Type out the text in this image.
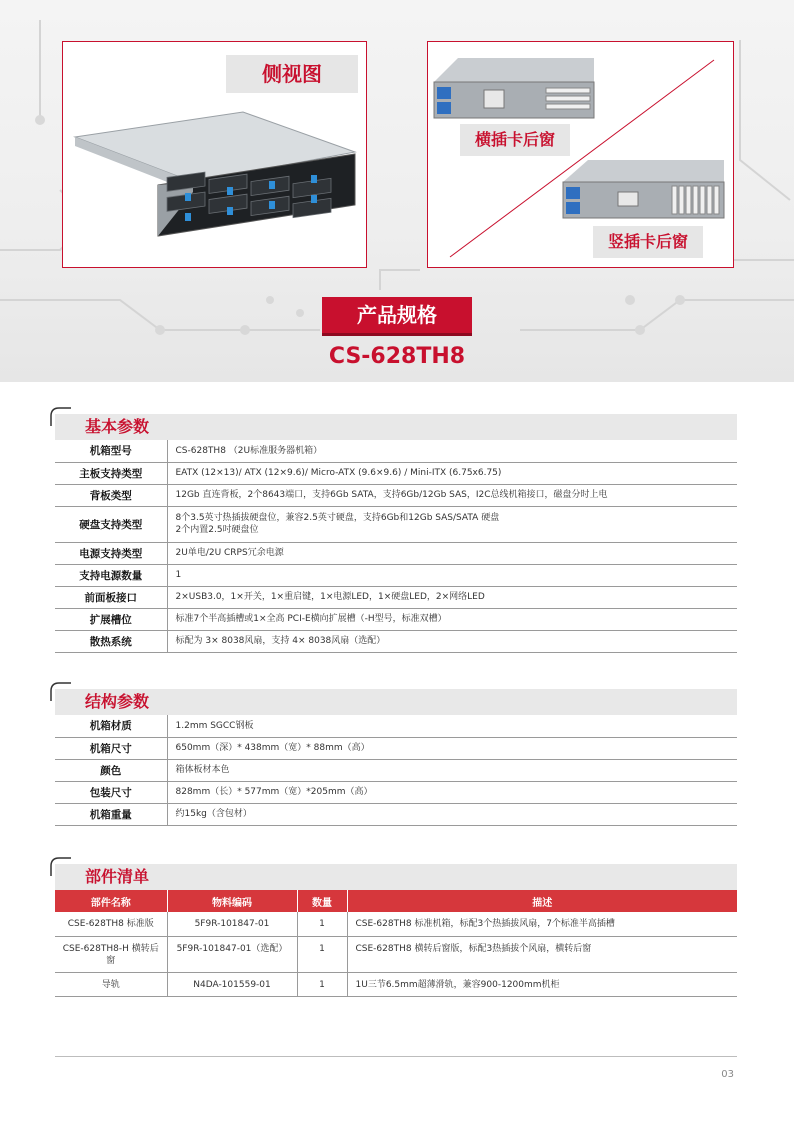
侧视图
横插卡后窗
竖插卡后窗
产品规格
CS-628TH8
基本参数
机箱型号	CS-628TH8 （2U标准服务器机箱）
主板支持类型	EATX (12×13)/ ATX (12×9.6)/ Micro-ATX (9.6×9.6) / Mini-ITX (6.75x6.75)
背板类型	12Gb 直连背板，2个8643端口，支持6Gb SATA，支持6Gb/12Gb SAS，I2C总线机箱接口，磁盘分时上电
硬盘支持类型	8个3.5英寸热插拔硬盘位，兼容2.5英寸硬盘，支持6Gb和12Gb SAS/SATA 硬盘
2个内置2.5吋硬盘位

电源支持类型	2U单电/2U CRPS冗余电源
支持电源数量	1
前面板接口	2×USB3.0，1×开关，1×重启键，1×电源LED，1×硬盘LED，2×网络LED
扩展槽位	标准7个半高插槽或1×全高 PCI-E横向扩展槽（-H型号，标准双槽）
散热系统	标配为 3× 8038风扇，支持 4× 8038风扇（选配）
结构参数
机箱材质	1.2mm SGCC钢板
机箱尺寸	650mm（深）* 438mm（宽）* 88mm（高）
颜色	箱体板材本色
包装尺寸	828mm（长）* 577mm（宽）*205mm（高）
机箱重量	约15kg（含包材）
部件清单
部件名称	物料编码	数量	描述
CSE-628TH8 标准版	5F9R-101847-01	1	CSE-628TH8 标准机箱，标配3个热插拔风扇，7个标准半高插槽
CSE-628TH8-H 横转后窗	5F9R-101847-01（选配）	1	CSE-628TH8 横转后窗版，标配3热插拔个风扇，横转后窗
导轨	N4DA-101559-01	1	1U三节6.5mm超薄滑轨，兼容900-1200mm机柜
03
